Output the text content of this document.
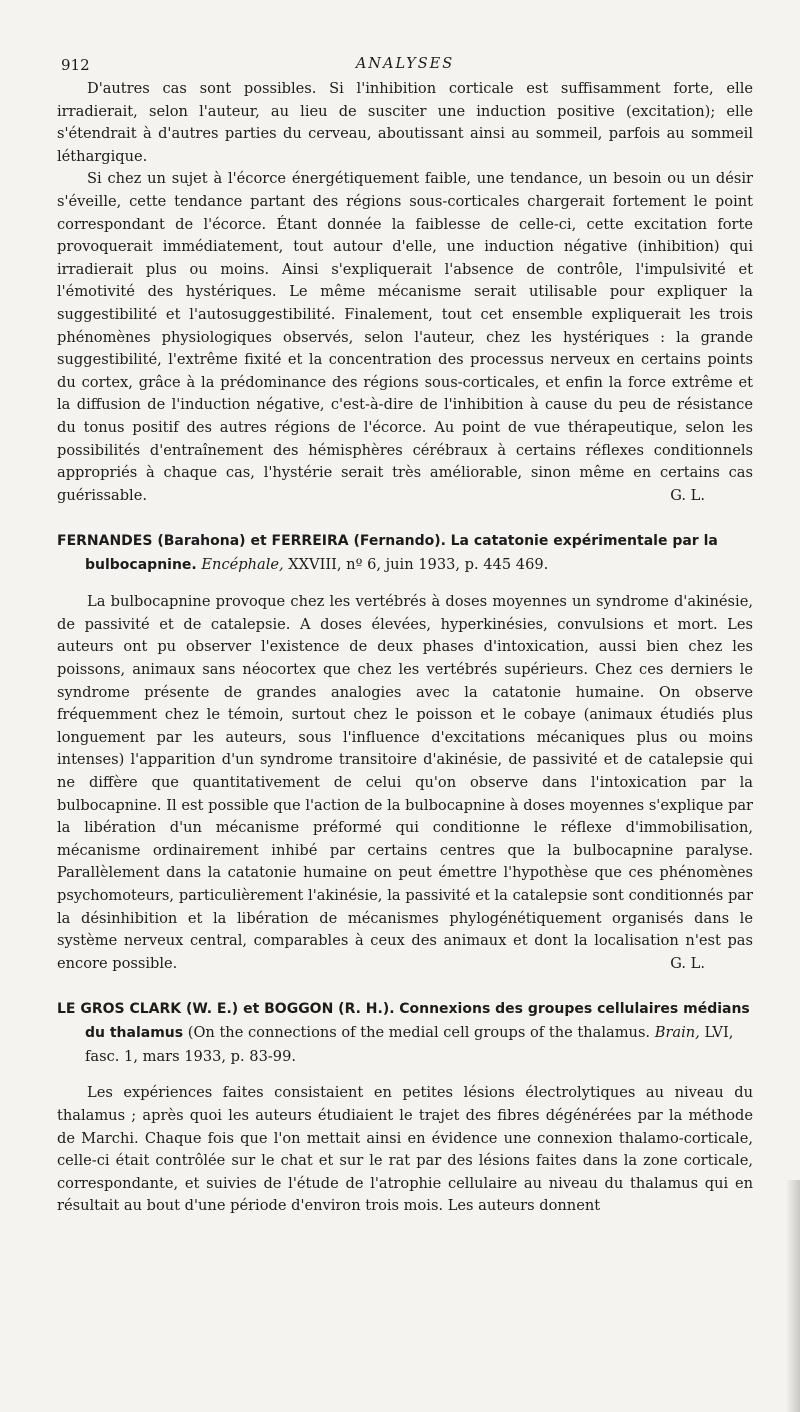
912	ANALYSES

D'autres cas sont possibles. Si l'inhibition corticale est suffisamment forte, elle irradierait, selon l'auteur, au lieu de susciter une induction positive (excitation); elle s'étendrait à d'autres parties du cerveau, aboutissant ainsi au sommeil, parfois au sommeil léthargique.

Si chez un sujet à l'écorce énergétiquement faible, une tendance, un besoin ou un désir s'éveille, cette tendance partant des régions sous-corticales chargerait fortement le point correspondant de l'écorce. Étant donnée la faiblesse de celle-ci, cette excitation forte provoquerait immédiatement, tout autour d'elle, une induction négative (inhibition) qui irradierait plus ou moins. Ainsi s'expliquerait l'absence de contrôle, l'impulsivité et l'émotivité des hystériques. Le même mécanisme serait utilisable pour expliquer la suggestibilité et l'autosuggestibilité. Finalement, tout cet ensemble expliquerait les trois phénomènes physiologiques observés, selon l'auteur, chez les hystériques : la grande suggestibilité, l'extrême fixité et la concentration des processus nerveux en certains points du cortex, grâce à la prédominance des régions sous-corticales, et enfin la force extrême et la diffusion de l'induction négative, c'est-à-dire de l'inhibition à cause du peu de résistance du tonus positif des autres régions de l'écorce. Au point de vue thérapeutique, selon les possibilités d'entraînement des hémisphères cérébraux à certains réflexes conditionnels appropriés à chaque cas, l'hystérie serait très améliorable, sinon même en certains cas guérissable.	G. L.

FERNANDES (Barahona) et FERREIRA (Fernando). La catatonie expérimentale par la bulbocapnine. Encéphale, XXVIII, nº 6, juin 1933, p. 445 469.

La bulbocapnine provoque chez les vertébrés à doses moyennes un syndrome d'akinésie, de passivité et de catalepsie. A doses élevées, hyperkinésies, convulsions et mort. Les auteurs ont pu observer l'existence de deux phases d'intoxication, aussi bien chez les poissons, animaux sans néocortex que chez les vertébrés supérieurs. Chez ces derniers le syndrome présente de grandes analogies avec la catatonie humaine. On observe fréquemment chez le témoin, surtout chez le poisson et le cobaye (animaux étudiés plus longuement par les auteurs, sous l'influence d'excitations mécaniques plus ou moins intenses) l'apparition d'un syndrome transitoire d'akinésie, de passivité et de catalepsie qui ne diffère que quantitativement de celui qu'on observe dans l'intoxication par la bulbocapnine. Il est possible que l'action de la bulbocapnine à doses moyennes s'explique par la libération d'un mécanisme préformé qui conditionne le réflexe d'immobilisation, mécanisme ordinairement inhibé par certains centres que la bulbocapnine paralyse. Parallèlement dans la catatonie humaine on peut émettre l'hypothèse que ces phénomènes psychomoteurs, particulièrement l'akinésie, la passivité et la catalepsie sont conditionnés par la désinhibition et la libération de mécanismes phylogénétiquement organisés dans le système nerveux central, comparables à ceux des animaux et dont la localisation n'est pas encore possible.	G. L.

LE GROS CLARK (W. E.) et BOGGON (R. H.). Connexions des groupes cellulaires médians du thalamus (On the connections of the medial cell groups of the thalamus. Brain, LVI, fasc. 1, mars 1933, p. 83-99.

Les expériences faites consistaient en petites lésions électrolytiques au niveau du thalamus ; après quoi les auteurs étudiaient le trajet des fibres dégénérées par la méthode de Marchi. Chaque fois que l'on mettait ainsi en évidence une connexion thalamo-corticale, celle-ci était contrôlée sur le chat et sur le rat par des lésions faites dans la zone corticale, correspondante, et suivies de l'étude de l'atrophie cellulaire au niveau du thalamus qui en résultait au bout d'une période d'environ trois mois. Les auteurs donnent
